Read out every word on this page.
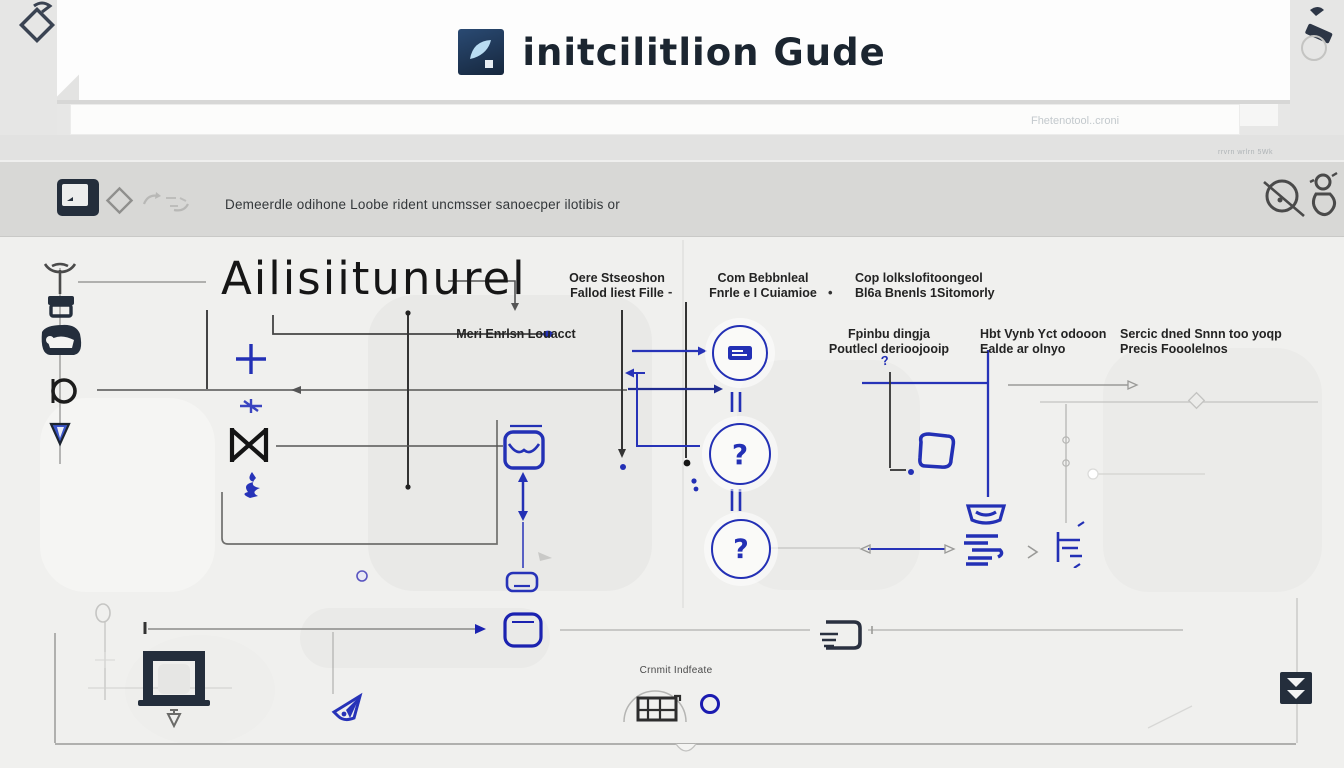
initcilitlion Gude
Fhetenotool..croni
rrvrn wrlrn 5Wk
Demeerdle odihone Loobe rident uncmsser sanoecper ilotibis or
Ailisiitunurel	Oere Stseoshon
Fallod liest Fille -
Com Bebbnleal
Fnrle e I Cuiamioe •
Cop lolkslofitoongeol
Bl6a Bnenls 1Sitomorly
Meri Enrlsn Louacct	Fpinbu dingja
Poutlecl derioojooip
Hbt Vynb Yct odooon
Ealde ar olnyo
Sercic dned Snnn too yoqp
Precis Fooolelnos
?
?
?
Crnmit Indfeate
